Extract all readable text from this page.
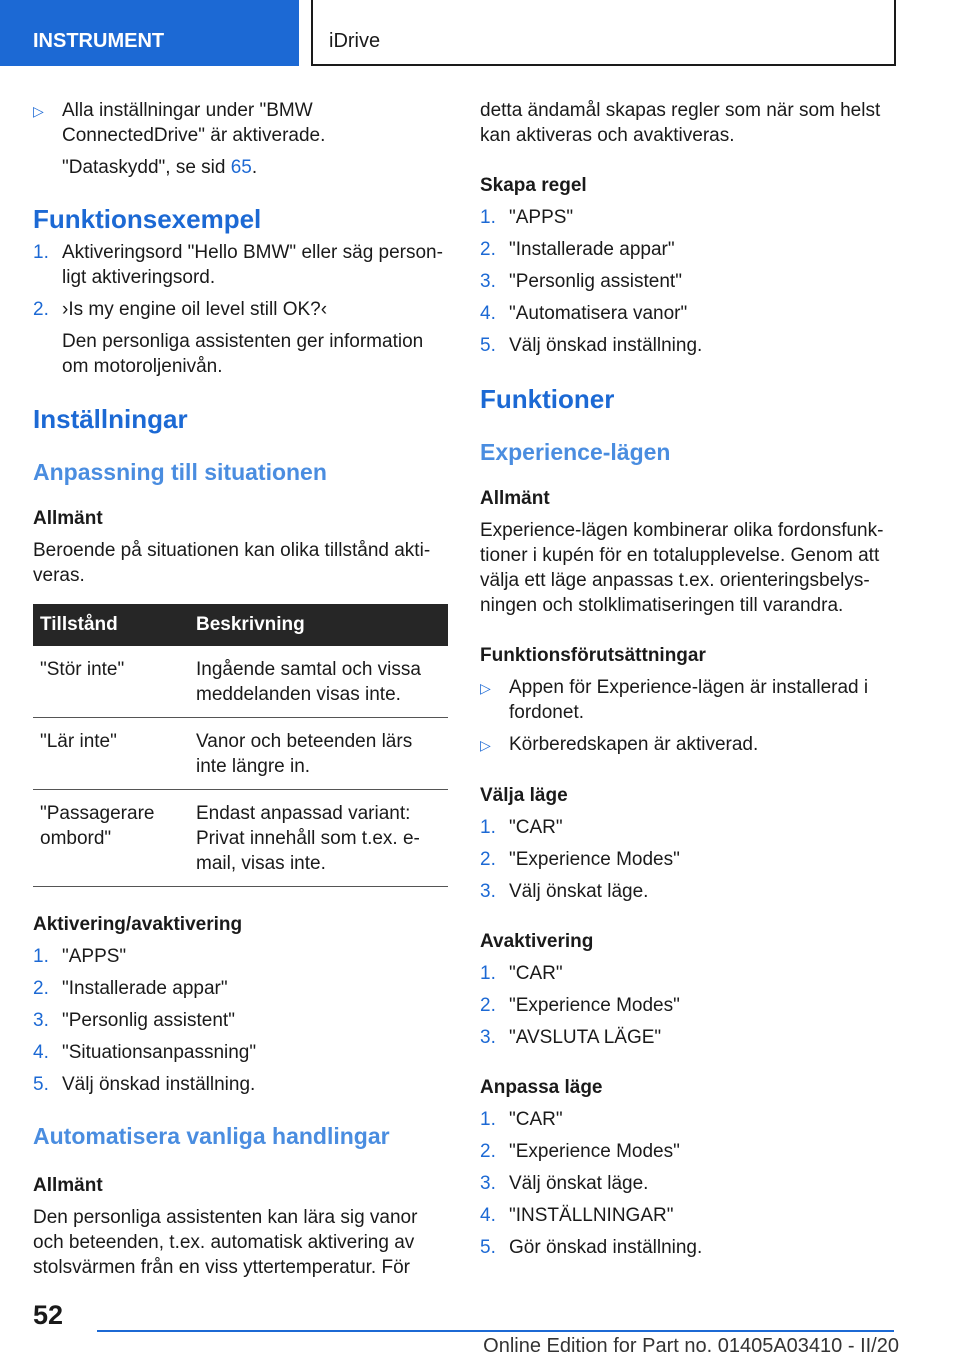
INSTRUMENT	iDrive
▷ Alla inställningar under "BMW ConnectedDrive" är aktiverade.
"Dataskydd", se sid 65.
Funktionsexempel
1. Aktiveringsord "Hello BMW" eller säg personligt aktiveringsord.
2. ›Is my engine oil level still OK?‹
Den personliga assistenten ger information om motoroljenivån.
Inställningar
Anpassning till situationen
Allmänt
Beroende på situationen kan olika tillstånd aktiveras.
Tillstånd	Beskrivning
"Stör inte"	Ingående samtal och vissa meddelanden visas inte.
"Lär inte"	Vanor och beteenden lärs inte längre in.
"Passagerare ombord"	Endast anpassad variant: Privat innehåll som t.ex. e-mail, visas inte.
Aktivering/avaktivering
1. "APPS"
2. "Installerade appar"
3. "Personlig assistent"
4. "Situationsanpassning"
5. Välj önskad inställning.
Automatisera vanliga handlingar
Allmänt
Den personliga assistenten kan lära sig vanor och beteenden, t.ex. automatisk aktivering av stolsvärmen från en viss yttertemperatur. För
detta ändamål skapas regler som när som helst kan aktiveras och avaktiveras.
Skapa regel
1. "APPS"
2. "Installerade appar"
3. "Personlig assistent"
4. "Automatisera vanor"
5. Välj önskad inställning.
Funktioner
Experience-lägen
Allmänt
Experience-lägen kombinerar olika fordonsfunktioner i kupén för en totalupplevelse. Genom att välja ett läge anpassas t.ex. orienteringsbelysningen och stolklimatiseringen till varandra.
Funktionsförutsättningar
▷ Appen för Experience-lägen är installerad i fordonet.
▷ Körberedskapen är aktiverad.
Välja läge
1. "CAR"
2. "Experience Modes"
3. Välj önskat läge.
Avaktivering
1. "CAR"
2. "Experience Modes"
3. "AVSLUTA LÄGE"
Anpassa läge
1. "CAR"
2. "Experience Modes"
3. Välj önskat läge.
4. "INSTÄLLNINGAR"
5. Gör önskad inställning.
52
Online Edition for Part no. 01405A03410 - II/20
